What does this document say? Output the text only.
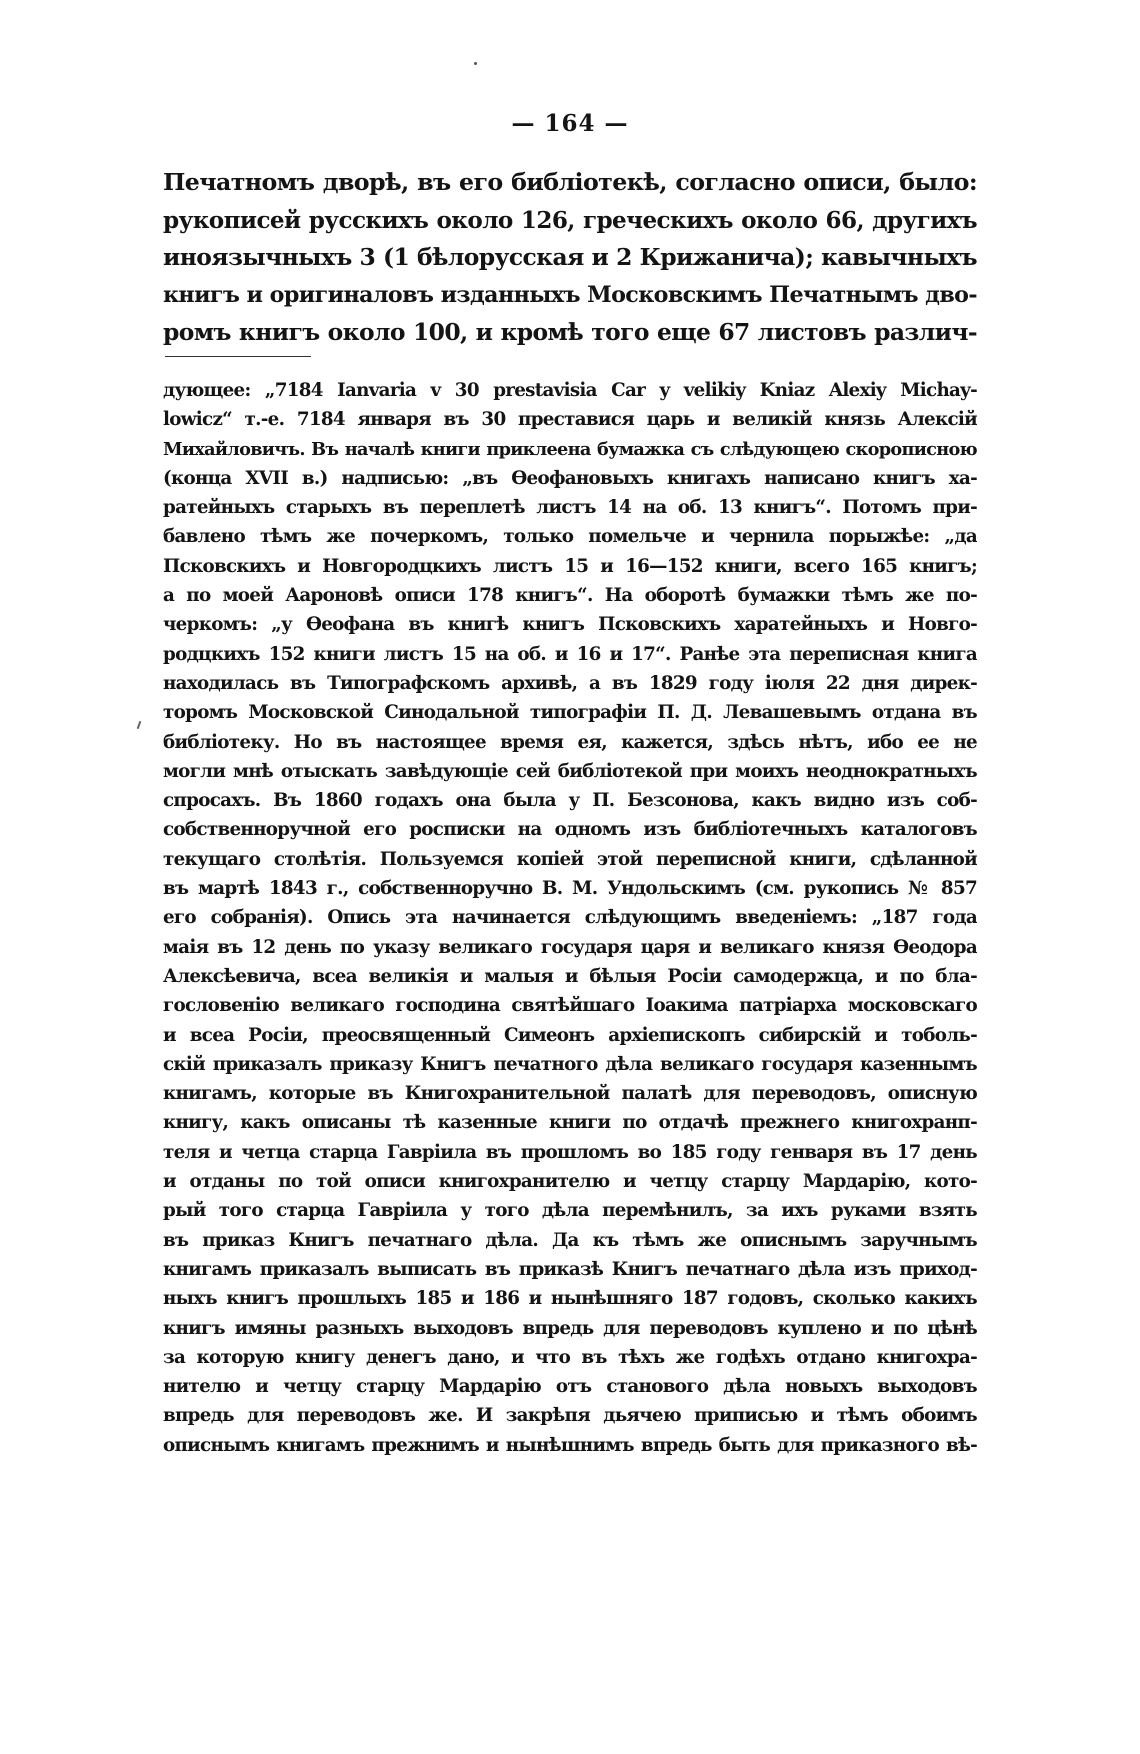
— 164 —
Печатномъ дворѣ, въ его библіотекѣ, согласно описи, было:
рукописей русскихъ около 126, греческихъ около 66, другихъ
иноязычныхъ 3 (1 бѣлорусская и 2 Крижанича); кавычныхъ
книгъ и оригиналовъ изданныхъ Московскимъ Печатнымъ дво-
ромъ книгъ около 100, и кромѣ того еще 67 листовъ различ-
дующее: „7184 Ianvaria v 30 prestavisia Car y velikiy Kniaz Alexiy Michay-
lowicz“ т.-е. 7184 января въ 30 преставися царь и великій князь Алексій
Михайловичъ. Въ началѣ книги приклеена бумажка съ слѣдующею скорописною
(конца XVII в.) надписью: „въ Ѳеофановыхъ книгахъ написано книгъ ха-
ратейныхъ старыхъ въ переплетѣ листъ 14 на об. 13 книгъ“. Потомъ при-
бавлено тѣмъ же почеркомъ, только помельче и чернила порыжѣе: „да
Псковскихъ и Новгородцкихъ листъ 15 и 16—152 книги, всего 165 книгъ;
а по моей Аароновѣ описи 178 книгъ“. На оборотѣ бумажки тѣмъ же по-
черкомъ: „у Ѳеофана въ книгѣ книгъ Псковскихъ харатейныхъ и Новго-
родцкихъ 152 книги листъ 15 на об. и 16 и 17“. Ранѣе эта переписная книга
находилась въ Типографскомъ архивѣ, а въ 1829 году іюля 22 дня дирек-
торомъ Московской Синодальной типографіи П. Д. Левашевымъ отдана въ
библіотеку. Но въ настоящее время ея, кажется, здѣсь нѣтъ, ибо ее не
могли мнѣ отыскать завѣдующіе сей библіотекой при моихъ неоднократныхъ
спросахъ. Въ 1860 годахъ она была у П. Безсонова, какъ видно изъ соб-
собственноручной его росписки на одномъ изъ библіотечныхъ каталоговъ
текущаго столѣтія. Пользуемся копіей этой переписной книги, сдѣланной
въ мартѣ 1843 г., собственноручно В. М. Ундольскимъ (см. рукопись № 857
его собранія). Опись эта начинается слѣдующимъ введеніемъ: „187 года
маія въ 12 день по указу великаго государя царя и великаго князя Ѳеодора
Алексѣевича, всеа великія и малыя и бѣлыя Росіи самодержца, и по бла-
гословенію великаго господина святѣйшаго Іоакима патріарха московскаго
и всеа Росіи, преосвященный Симеонъ архіепископъ сибирскій и тоболь-
скій приказалъ приказу Книгъ печатного дѣла великаго государя казеннымъ
книгамъ, которые въ Книгохранительной палатѣ для переводовъ, описную
книгу, какъ описаны тѣ казенные книги по отдачѣ прежнего книгохранп-
теля и четца старца Гавріила въ прошломъ во 185 году генваря въ 17 день
и отданы по той описи книгохранителю и четцу старцу Мардарію, кото-
рый того старца Гавріила у того дѣла перемѣнилъ, за ихъ руками взять
въ приказ Книгъ печатнаго дѣла. Да къ тѣмъ же описнымъ заручнымъ
книгамъ приказалъ выписать въ приказѣ Книгъ печатнаго дѣла изъ приход-
ныхъ книгъ прошлыхъ 185 и 186 и нынѣшняго 187 годовъ, сколько какихъ
книгъ имяны разныхъ выходовъ впредь для переводовъ куплено и по цѣнѣ
за которую книгу денегъ дано, и что въ тѣхъ же годѣхъ отдано книгохра-
нителю и четцу старцу Мардарію отъ станового дѣла новыхъ выходовъ
впредь для переводовъ же. И закрѣпя дьячею приписью и тѣмъ обоимъ
описнымъ книгамъ прежнимъ и нынѣшнимъ впредь быть для приказного вѣ-
